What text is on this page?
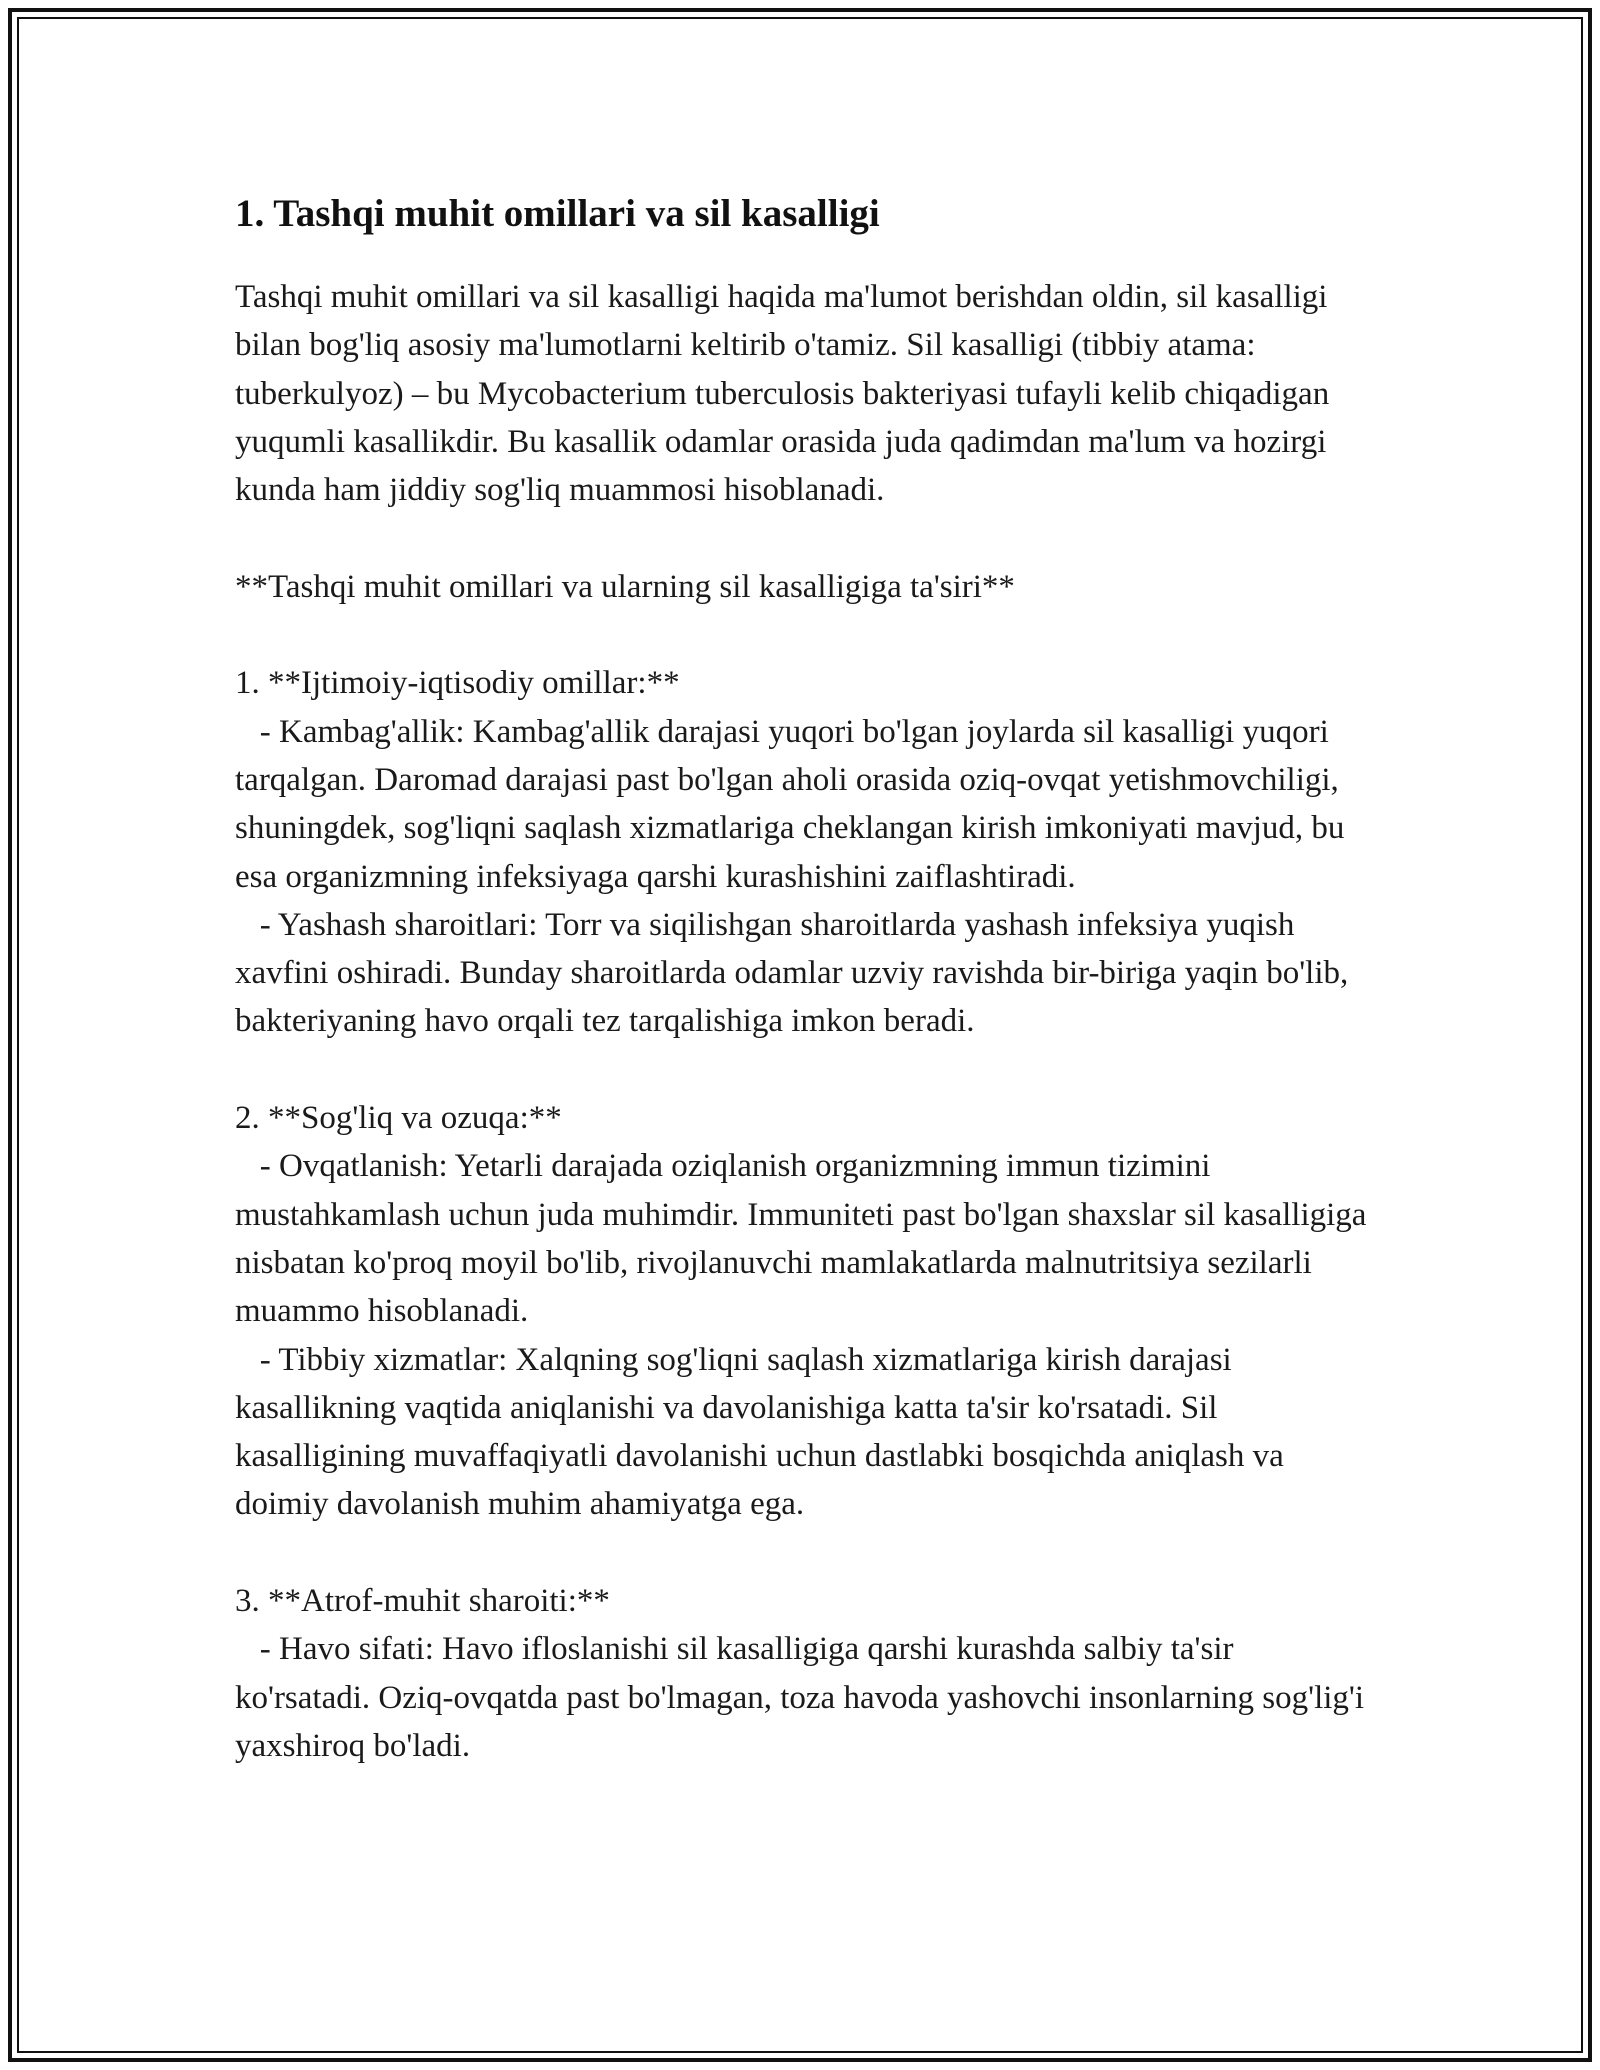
1. Tashqi muhit omillari va sil kasalligi

Tashqi muhit omillari va sil kasalligi haqida ma'lumot berishdan oldin, sil kasalligi bilan bog'liq asosiy ma'lumotlarni keltirib o'tamiz. Sil kasalligi (tibbiy atama: tuberkulyoz) – bu Mycobacterium tuberculosis bakteriyasi tufayli kelib chiqadigan yuqumli kasallikdir. Bu kasallik odamlar orasida juda qadimdan ma'lum va hozirgi kunda ham jiddiy sog'liq muammosi hisoblanadi.

**Tashqi muhit omillari va ularning sil kasalligiga ta'siri**

1. **Ijtimoiy-iqtisodiy omillar:**

- Kambag'allik: Kambag'allik darajasi yuqori bo'lgan joylarda sil kasalligi yuqori tarqalgan. Daromad darajasi past bo'lgan aholi orasida oziq-ovqat yetishmovchiligi, shuningdek, sog'liqni saqlash xizmatlariga cheklangan kirish imkoniyati mavjud, bu esa organizmning infeksiyaga qarshi kurashishini zaiflashtiradi.

- Yashash sharoitlari: Torr va siqilishgan sharoitlarda yashash infeksiya yuqish xavfini oshiradi. Bunday sharoitlarda odamlar uzviy ravishda bir-biriga yaqin bo'lib, bakteriyaning havo orqali tez tarqalishiga imkon beradi.

2. **Sog'liq va ozuqa:**

- Ovqatlanish: Yetarli darajada oziqlanish organizmning immun tizimini mustahkamlash uchun juda muhimdir. Immuniteti past bo'lgan shaxslar sil kasalligiga nisbatan ko'proq moyil bo'lib, rivojlanuvchi mamlakatlarda malnutritsiya sezilarli muammo hisoblanadi.

- Tibbiy xizmatlar: Xalqning sog'liqni saqlash xizmatlariga kirish darajasi kasallikning vaqtida aniqlanishi va davolanishiga katta ta'sir ko'rsatadi. Sil kasalligining muvaffaqiyatli davolanishi uchun dastlabki bosqichda aniqlash va doimiy davolanish muhim ahamiyatga ega.

3. **Atrof-muhit sharoiti:**

- Havo sifati: Havo ifloslanishi sil kasalligiga qarshi kurashda salbiy ta'sir ko'rsatadi. Oziq-ovqatda past bo'lmagan, toza havoda yashovchi insonlarning sog'lig'i yaxshiroq bo'ladi.
